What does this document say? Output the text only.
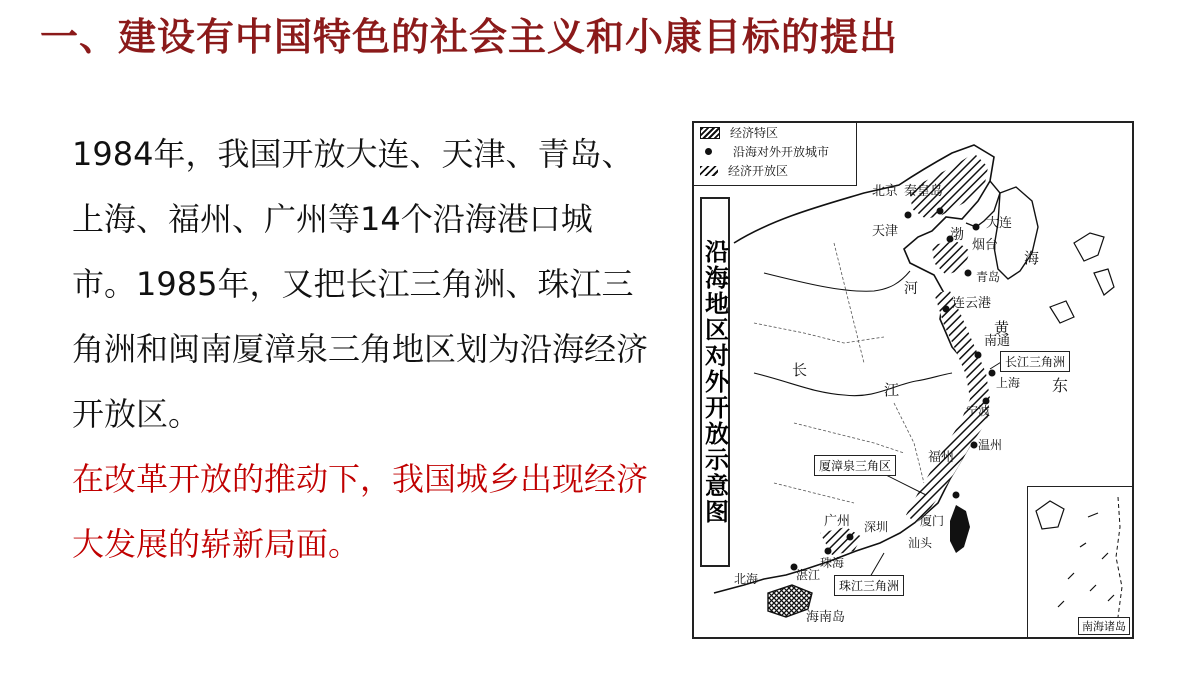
一、建设有中国特色的社会主义和小康目标的提出

1984年，我国开放大连、天津、青岛、上海、福州、广州等14个沿海港口城市。1985年，又把长江三角洲、珠江三角洲和闽南厦漳泉三角地区划为沿海经济开放区。

在改革开放的推动下，我国城乡出现经济大发展的崭新局面。

北京 秦皇岛
天津
大连
烟台
青岛
连云港
南通
上海
宁波
温州
福州
厦门
汕头
广州 深圳
珠海
北海	湛江
海南岛
渤
黄
河
海
长
江	东
经济特区
沿海对外开放城市
经济开放区
沿海地区对外开放示意图	长江三角洲
厦漳泉三角区
珠江三角洲
南海诸岛
